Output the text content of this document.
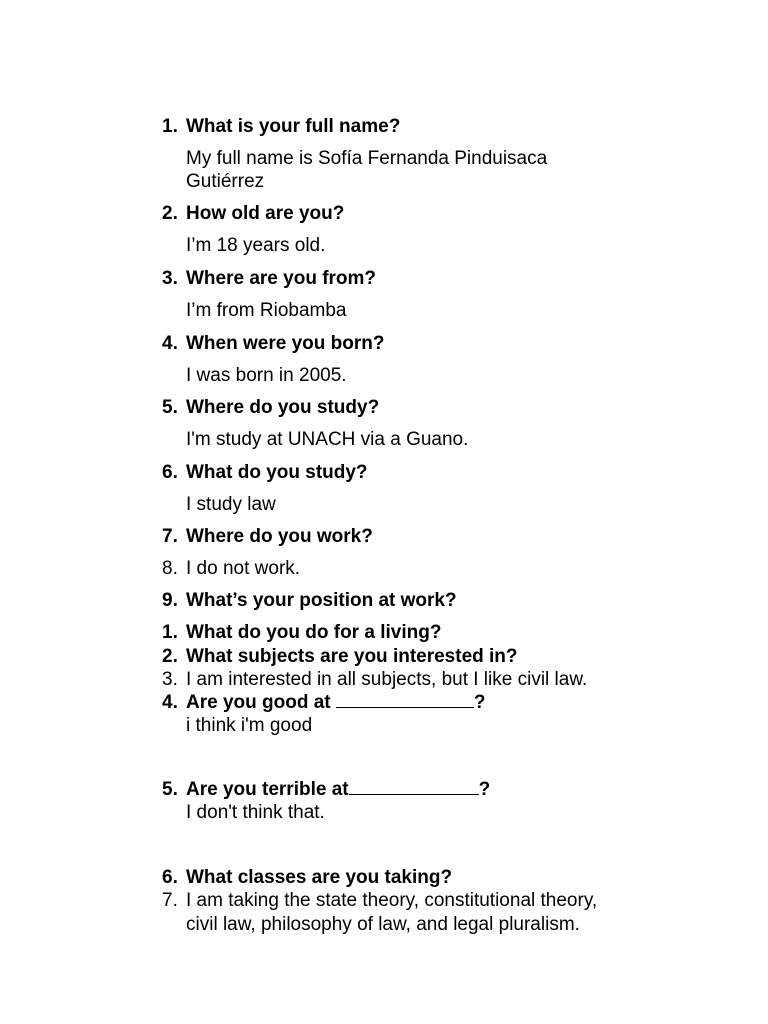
1. What is your full name?
My full name is Sofía Fernanda Pinduisaca
Gutiérrez
2. How old are you?
I’m 18 years old.
3. Where are you from?
I’m from Riobamba
4. When were you born?
I was born in 2005.
5. Where do you study?
I'm study at UNACH via a Guano.
6. What do you study?
I study law
7. Where do you work?
8. I do not work.
9. What’s your position at work?
1. What do you do for a living?
2. What subjects are you interested in?
3. I am interested in all subjects, but I like civil law.
4. Are you good at	?
i think i'm good
5. Are you terrible at	?
I don't think that.
6. What classes are you taking?
7. I am taking the state theory, constitutional theory,
civil law, philosophy of law, and legal pluralism.
